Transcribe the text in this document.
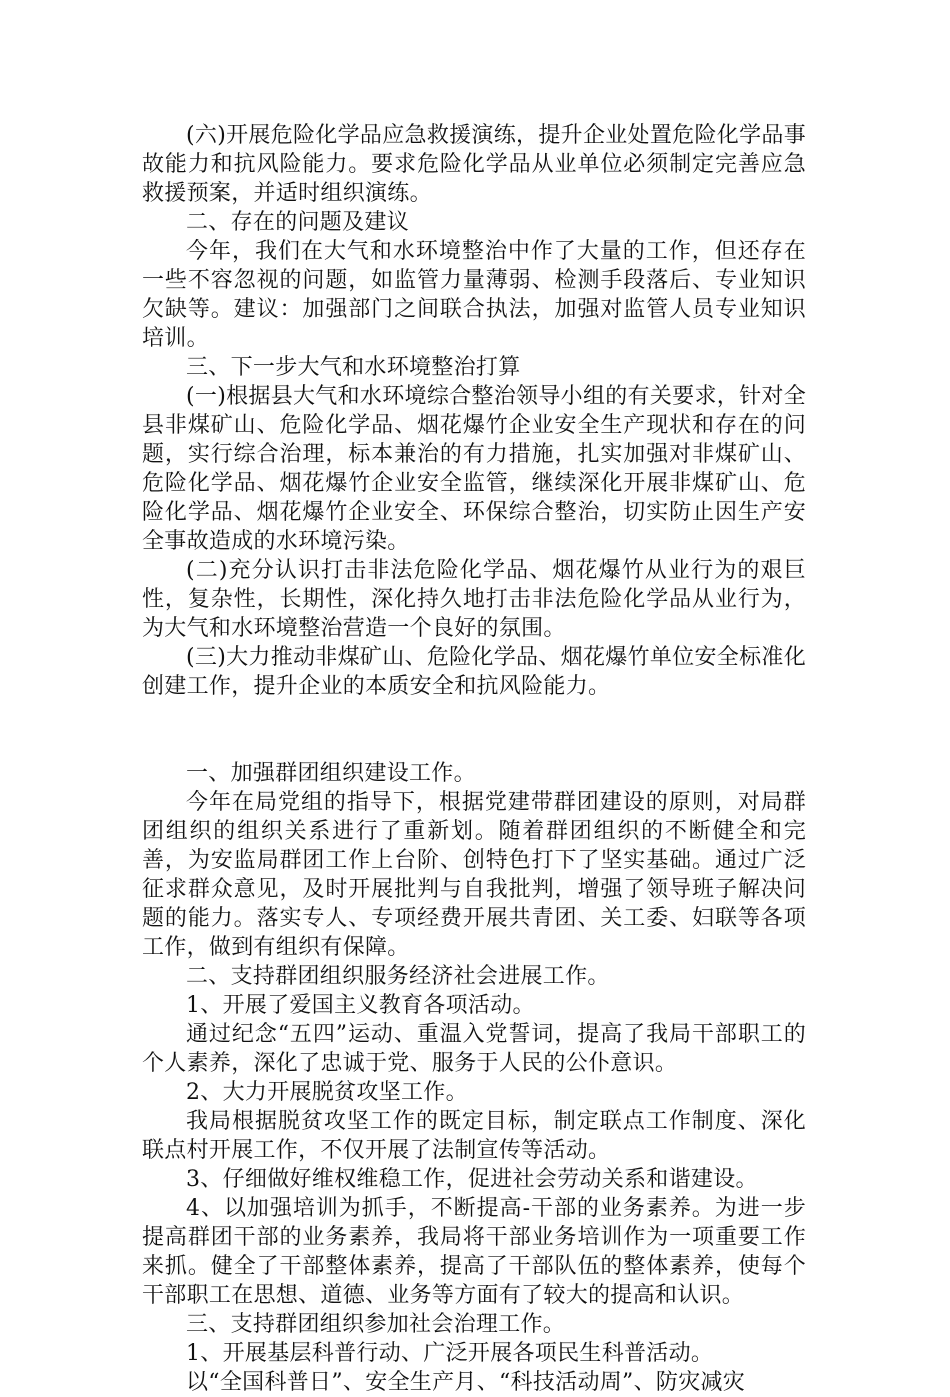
(六)开展危险化学品应急救援演练，提升企业处置危险化学品事故能力和抗风险能力。要求危险化学品从业单位必须制定完善应急救援预案，并适时组织演练。

二、存在的问题及建议

今年，我们在大气和水环境整治中作了大量的工作，但还存在一些不容忽视的问题，如监管力量薄弱、检测手段落后、专业知识欠缺等。建议：加强部门之间联合执法，加强对监管人员专业知识培训。

三、下一步大气和水环境整治打算

(一)根据县大气和水环境综合整治领导小组的有关要求，针对全县非煤矿山、危险化学品、烟花爆竹企业安全生产现状和存在的问题，实行综合治理，标本兼治的有力措施，扎实加强对非煤矿山、危险化学品、烟花爆竹企业安全监管，继续深化开展非煤矿山、危险化学品、烟花爆竹企业安全、环保综合整治，切实防止因生产安全事故造成的水环境污染。

(二)充分认识打击非法危险化学品、烟花爆竹从业行为的艰巨性，复杂性，长期性，深化持久地打击非法危险化学品从业行为，为大气和水环境整治营造一个良好的氛围。

(三)大力推动非煤矿山、危险化学品、烟花爆竹单位安全标准化创建工作，提升企业的本质安全和抗风险能力。

一、加强群团组织建设工作。

今年在局党组的指导下，根据党建带群团建设的原则，对局群团组织的组织关系进行了重新划。随着群团组织的不断健全和完善，为安监局群团工作上台阶、创特色打下了坚实基础。通过广泛征求群众意见，及时开展批判与自我批判，增强了领导班子解决问题的能力。落实专人、专项经费开展共青团、关工委、妇联等各项工作，做到有组织有保障。

二、支持群团组织服务经济社会进展工作。

1、开展了爱国主义教育各项活动。

通过纪念“五四”运动、重温入党誓词，提高了我局干部职工的个人素养，深化了忠诚于党、服务于人民的公仆意识。

2、大力开展脱贫攻坚工作。

我局根据脱贫攻坚工作的既定目标，制定联点工作制度、深化联点村开展工作，不仅开展了法制宣传等活动。

3、仔细做好维权维稳工作，促进社会劳动关系和谐建设。

4、以加强培训为抓手，不断提高-干部的业务素养。为进一步提高群团干部的业务素养，我局将干部业务培训作为一项重要工作来抓。健全了干部整体素养，提高了干部队伍的整体素养，使每个干部职工在思想、道德、业务等方面有了较大的提高和认识。

三、支持群团组织参加社会治理工作。

1、开展基层科普行动、广泛开展各项民生科普活动。

以“全国科普日”、安全生产月、“科技活动周”、防灾减灾
